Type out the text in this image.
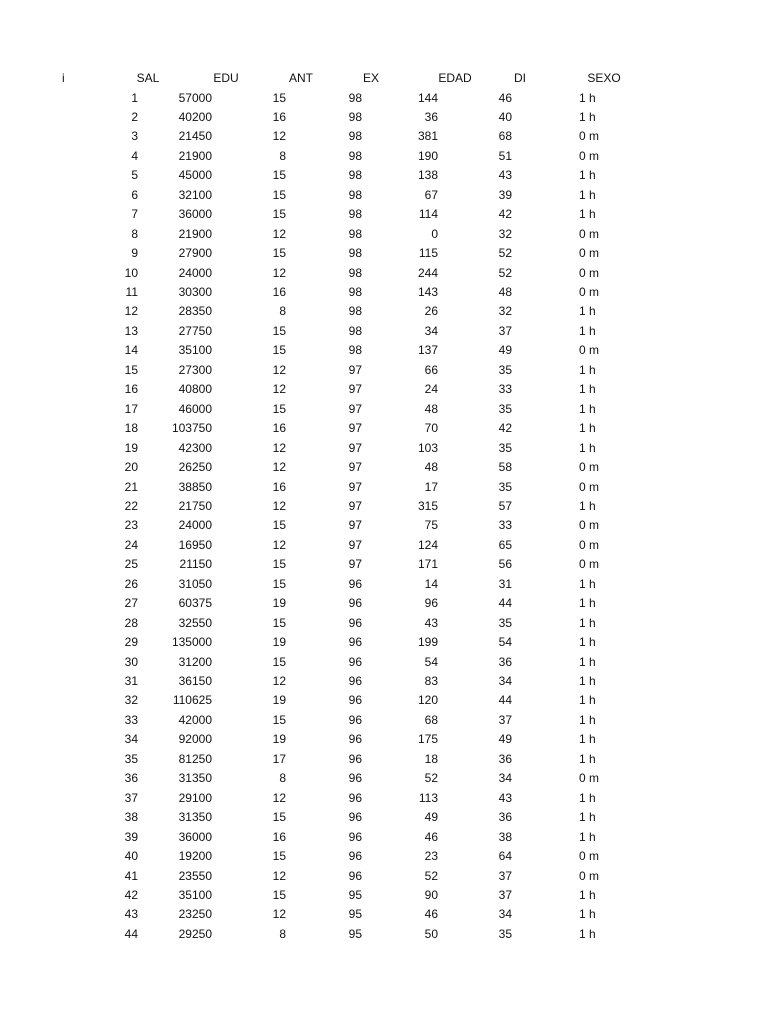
i	SAL	EDU	ANT	EX	EDAD	DI	SEXO
1	57000	15	98	144	46	1 h
2	40200	16	98	36	40	1 h
3	21450	12	98	381	68	0 m
4	21900	8	98	190	51	0 m
5	45000	15	98	138	43	1 h
6	32100	15	98	67	39	1 h
7	36000	15	98	114	42	1 h
8	21900	12	98	0	32	0 m
9	27900	15	98	115	52	0 m
10	24000	12	98	244	52	0 m
11	30300	16	98	143	48	0 m
12	28350	8	98	26	32	1 h
13	27750	15	98	34	37	1 h
14	35100	15	98	137	49	0 m
15	27300	12	97	66	35	1 h
16	40800	12	97	24	33	1 h
17	46000	15	97	48	35	1 h
18	103750	16	97	70	42	1 h
19	42300	12	97	103	35	1 h
20	26250	12	97	48	58	0 m
21	38850	16	97	17	35	0 m
22	21750	12	97	315	57	1 h
23	24000	15	97	75	33	0 m
24	16950	12	97	124	65	0 m
25	21150	15	97	171	56	0 m
26	31050	15	96	14	31	1 h
27	60375	19	96	96	44	1 h
28	32550	15	96	43	35	1 h
29	135000	19	96	199	54	1 h
30	31200	15	96	54	36	1 h
31	36150	12	96	83	34	1 h
32	110625	19	96	120	44	1 h
33	42000	15	96	68	37	1 h
34	92000	19	96	175	49	1 h
35	81250	17	96	18	36	1 h
36	31350	8	96	52	34	0 m
37	29100	12	96	113	43	1 h
38	31350	15	96	49	36	1 h
39	36000	16	96	46	38	1 h
40	19200	15	96	23	64	0 m
41	23550	12	96	52	37	0 m
42	35100	15	95	90	37	1 h
43	23250	12	95	46	34	1 h
44	29250	8	95	50	35	1 h
